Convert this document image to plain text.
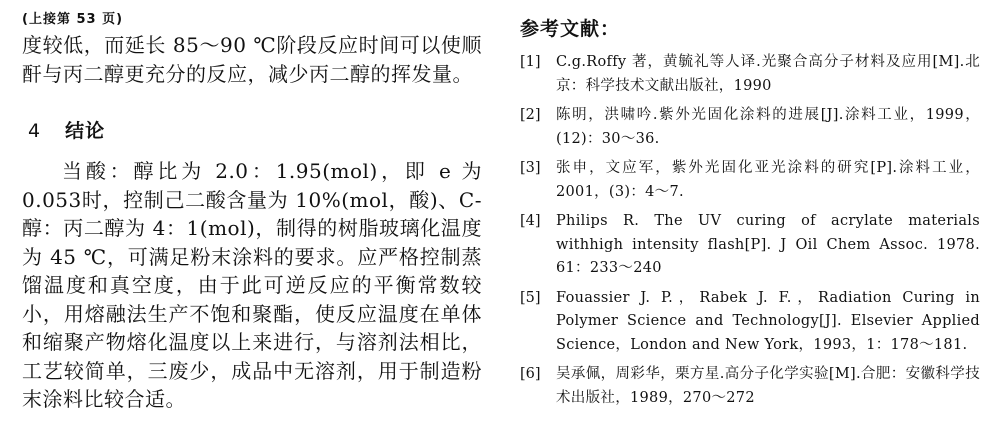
(上接第 53 页)

度较低，而延长 85～90 ℃阶段反应时间可以使顺酐与丙二醇更充分的反应，减少丙二醇的挥发量。

4 结论

当酸：醇比为 2.0：1.95(mol)，即 e 为 0.053时，控制己二酸含量为 10%(mol，酸)、C-醇：丙二醇为 4：1(mol)，制得的树脂玻璃化温度为 45 ℃，可满足粉末涂料的要求。应严格控制蒸馏温度和真空度，由于此可逆反应的平衡常数较小，用熔融法生产不饱和聚酯，使反应温度在单体和缩聚产物熔化温度以上来进行，与溶剂法相比，工艺较简单，三废少，成品中无溶剂，用于制造粉末涂料比较合适。

参考文献：
[1]	C.g.Roffy 著，黄毓礼等人译.光聚合高分子材料及应用[M].北京：科学技术文献出版社，1990
[2]	陈明，洪啸吟.紫外光固化涂料的进展[J].涂料工业，1999，(12)：30～36.
[3]	张申，文应军，紫外光固化亚光涂料的研究[P].涂料工业，2001，(3)：4～7.
[4]	Philips R. The UV curing of acrylate materials withhigh intensity flash[P]. J Oil Chem Assoc. 1978. 61：233～240
[5]	Fouassier J. P.，Rabek J. F.，Radiation Curing in Polymer Science and Technology[J]. Elsevier Applied Science，London and New York，1993，1：178～181.
[6]	吴承佩，周彩华，栗方星.高分子化学实验[M].合肥：安徽科学技术出版社，1989，270～272
